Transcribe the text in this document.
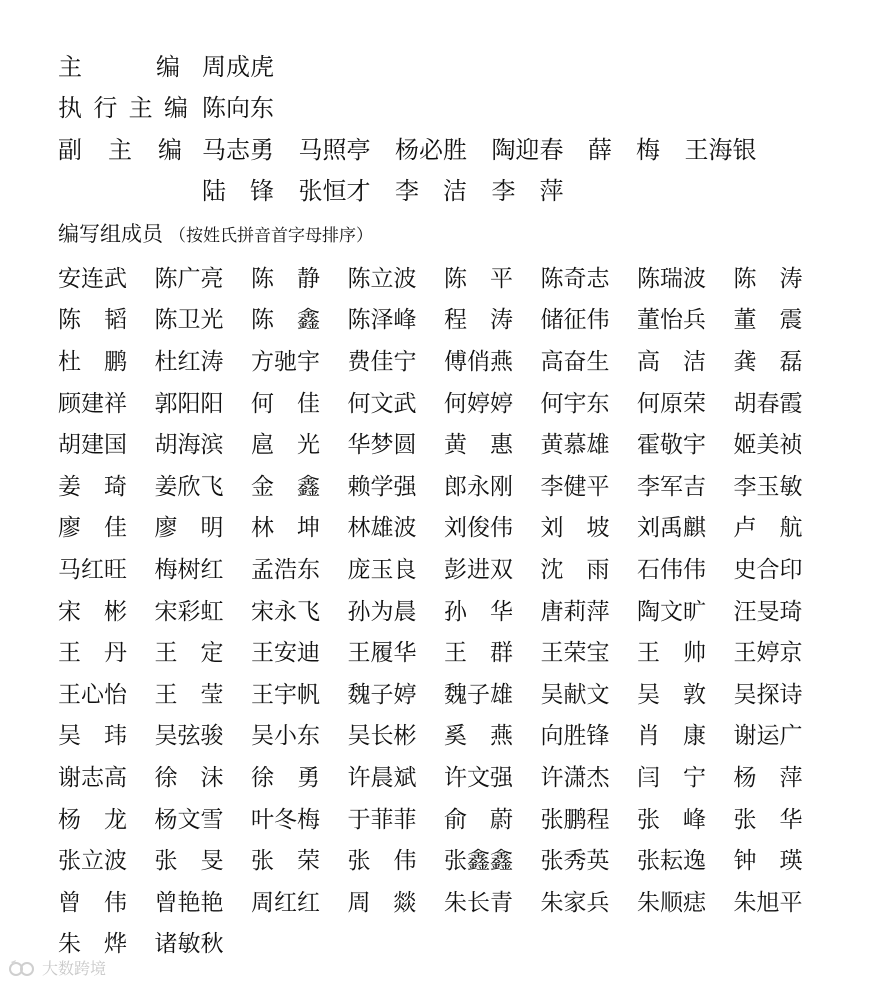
主	编 周成虎
执 行 主 编 陈向东
副 主 编 马志勇	马照亭	杨必胜	陶迎春	薛　梅	王海银
陆　锋	张恒才	李　洁	李　萍
编写组成员 （按姓氏拼音首字母排序）
安连武	陈广亮	陈　静	陈立波	陈　平	陈奇志	陈瑞波	陈　涛
陈　韬	陈卫光	陈　鑫	陈泽峰	程　涛	储征伟	董怡兵	董　震
杜　鹏	杜红涛	方驰宇	费佳宁	傅俏燕	高奋生	高　洁	龚　磊
顾建祥	郭阳阳	何　佳	何文武	何婷婷	何宇东	何原荣	胡春霞
胡建国	胡海滨	扈　光	华梦圆	黄　惠	黄慕雄	霍敬宇	姬美祯
姜　琦	姜欣飞	金　鑫	赖学强	郎永刚	李健平	李军吉	李玉敏
廖　佳	廖　明	林　坤	林雄波	刘俊伟	刘　坡	刘禹麒	卢　航
马红旺	梅树红	孟浩东	庞玉良	彭进双	沈　雨	石伟伟	史合印
宋　彬	宋彩虹	宋永飞	孙为晨	孙　华	唐莉萍	陶文旷	汪旻琦
王　丹	王　定	王安迪	王履华	王　群	王荣宝	王　帅	王婷京
王心怡	王　莹	王宇帆	魏子婷	魏子雄	吴献文	吴　敦	吴探诗
吴　玮	吴弦骏	吴小东	吴长彬	奚　燕	向胜锋	肖　康	谢运广
谢志高	徐　沫	徐　勇	许晨斌	许文强	许潇杰	闫　宁	杨　萍
杨　龙	杨文雪	叶冬梅	于菲菲	俞　蔚	张鹏程	张　峰	张　华
张立波	张　旻	张　荣	张　伟	张鑫鑫	张秀英	张耘逸	钟　瑛
曾　伟	曾艳艳	周红红	周　燚	朱长青	朱家兵	朱顺痣	朱旭平
朱　烨	诸敏秋
大数跨境
